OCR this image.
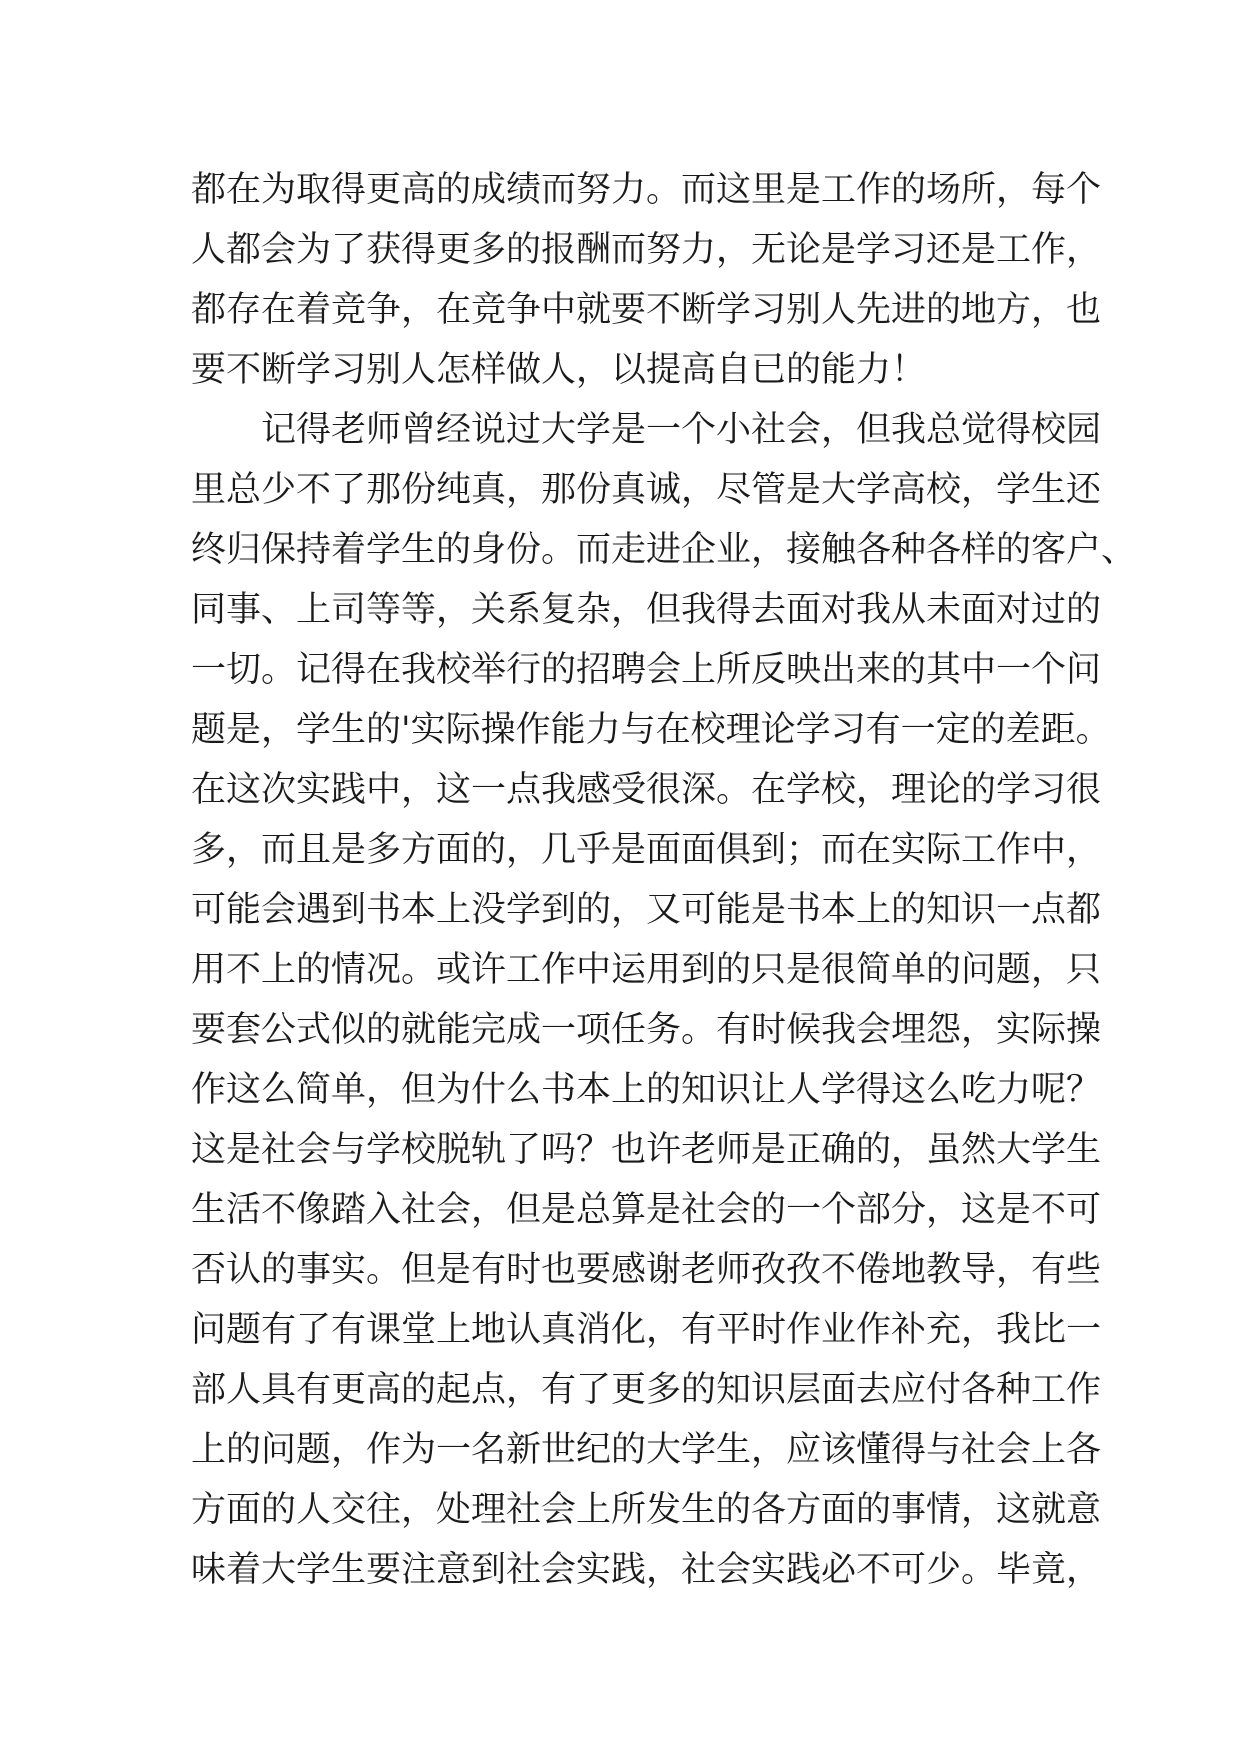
都在为取得更高的成绩而努力。而这里是工作的场所，每个
人都会为了获得更多的报酬而努力，无论是学习还是工作，
都存在着竞争，在竞争中就要不断学习别人先进的地方，也
要不断学习别人怎样做人，以提高自已的能力！
记得老师曾经说过大学是一个小社会，但我总觉得校园
里总少不了那份纯真，那份真诚，尽管是大学高校，学生还
终归保持着学生的身份。而走进企业，接触各种各样的客户、
同事、上司等等，关系复杂，但我得去面对我从未面对过的
一切。记得在我校举行的招聘会上所反映出来的其中一个问
题是，学生的'实际操作能力与在校理论学习有一定的差距。
在这次实践中，这一点我感受很深。在学校，理论的学习很
多，而且是多方面的，几乎是面面俱到；而在实际工作中，
可能会遇到书本上没学到的，又可能是书本上的知识一点都
用不上的情况。或许工作中运用到的只是很简单的问题，只
要套公式似的就能完成一项任务。有时候我会埋怨，实际操
作这么简单，但为什么书本上的知识让人学得这么吃力呢？
这是社会与学校脱轨了吗？也许老师是正确的，虽然大学生
生活不像踏入社会，但是总算是社会的一个部分，这是不可
否认的事实。但是有时也要感谢老师孜孜不倦地教导，有些
问题有了有课堂上地认真消化，有平时作业作补充，我比一
部人具有更高的起点，有了更多的知识层面去应付各种工作
上的问题，作为一名新世纪的大学生，应该懂得与社会上各
方面的人交往，处理社会上所发生的各方面的事情，这就意
味着大学生要注意到社会实践，社会实践必不可少。毕竟，
